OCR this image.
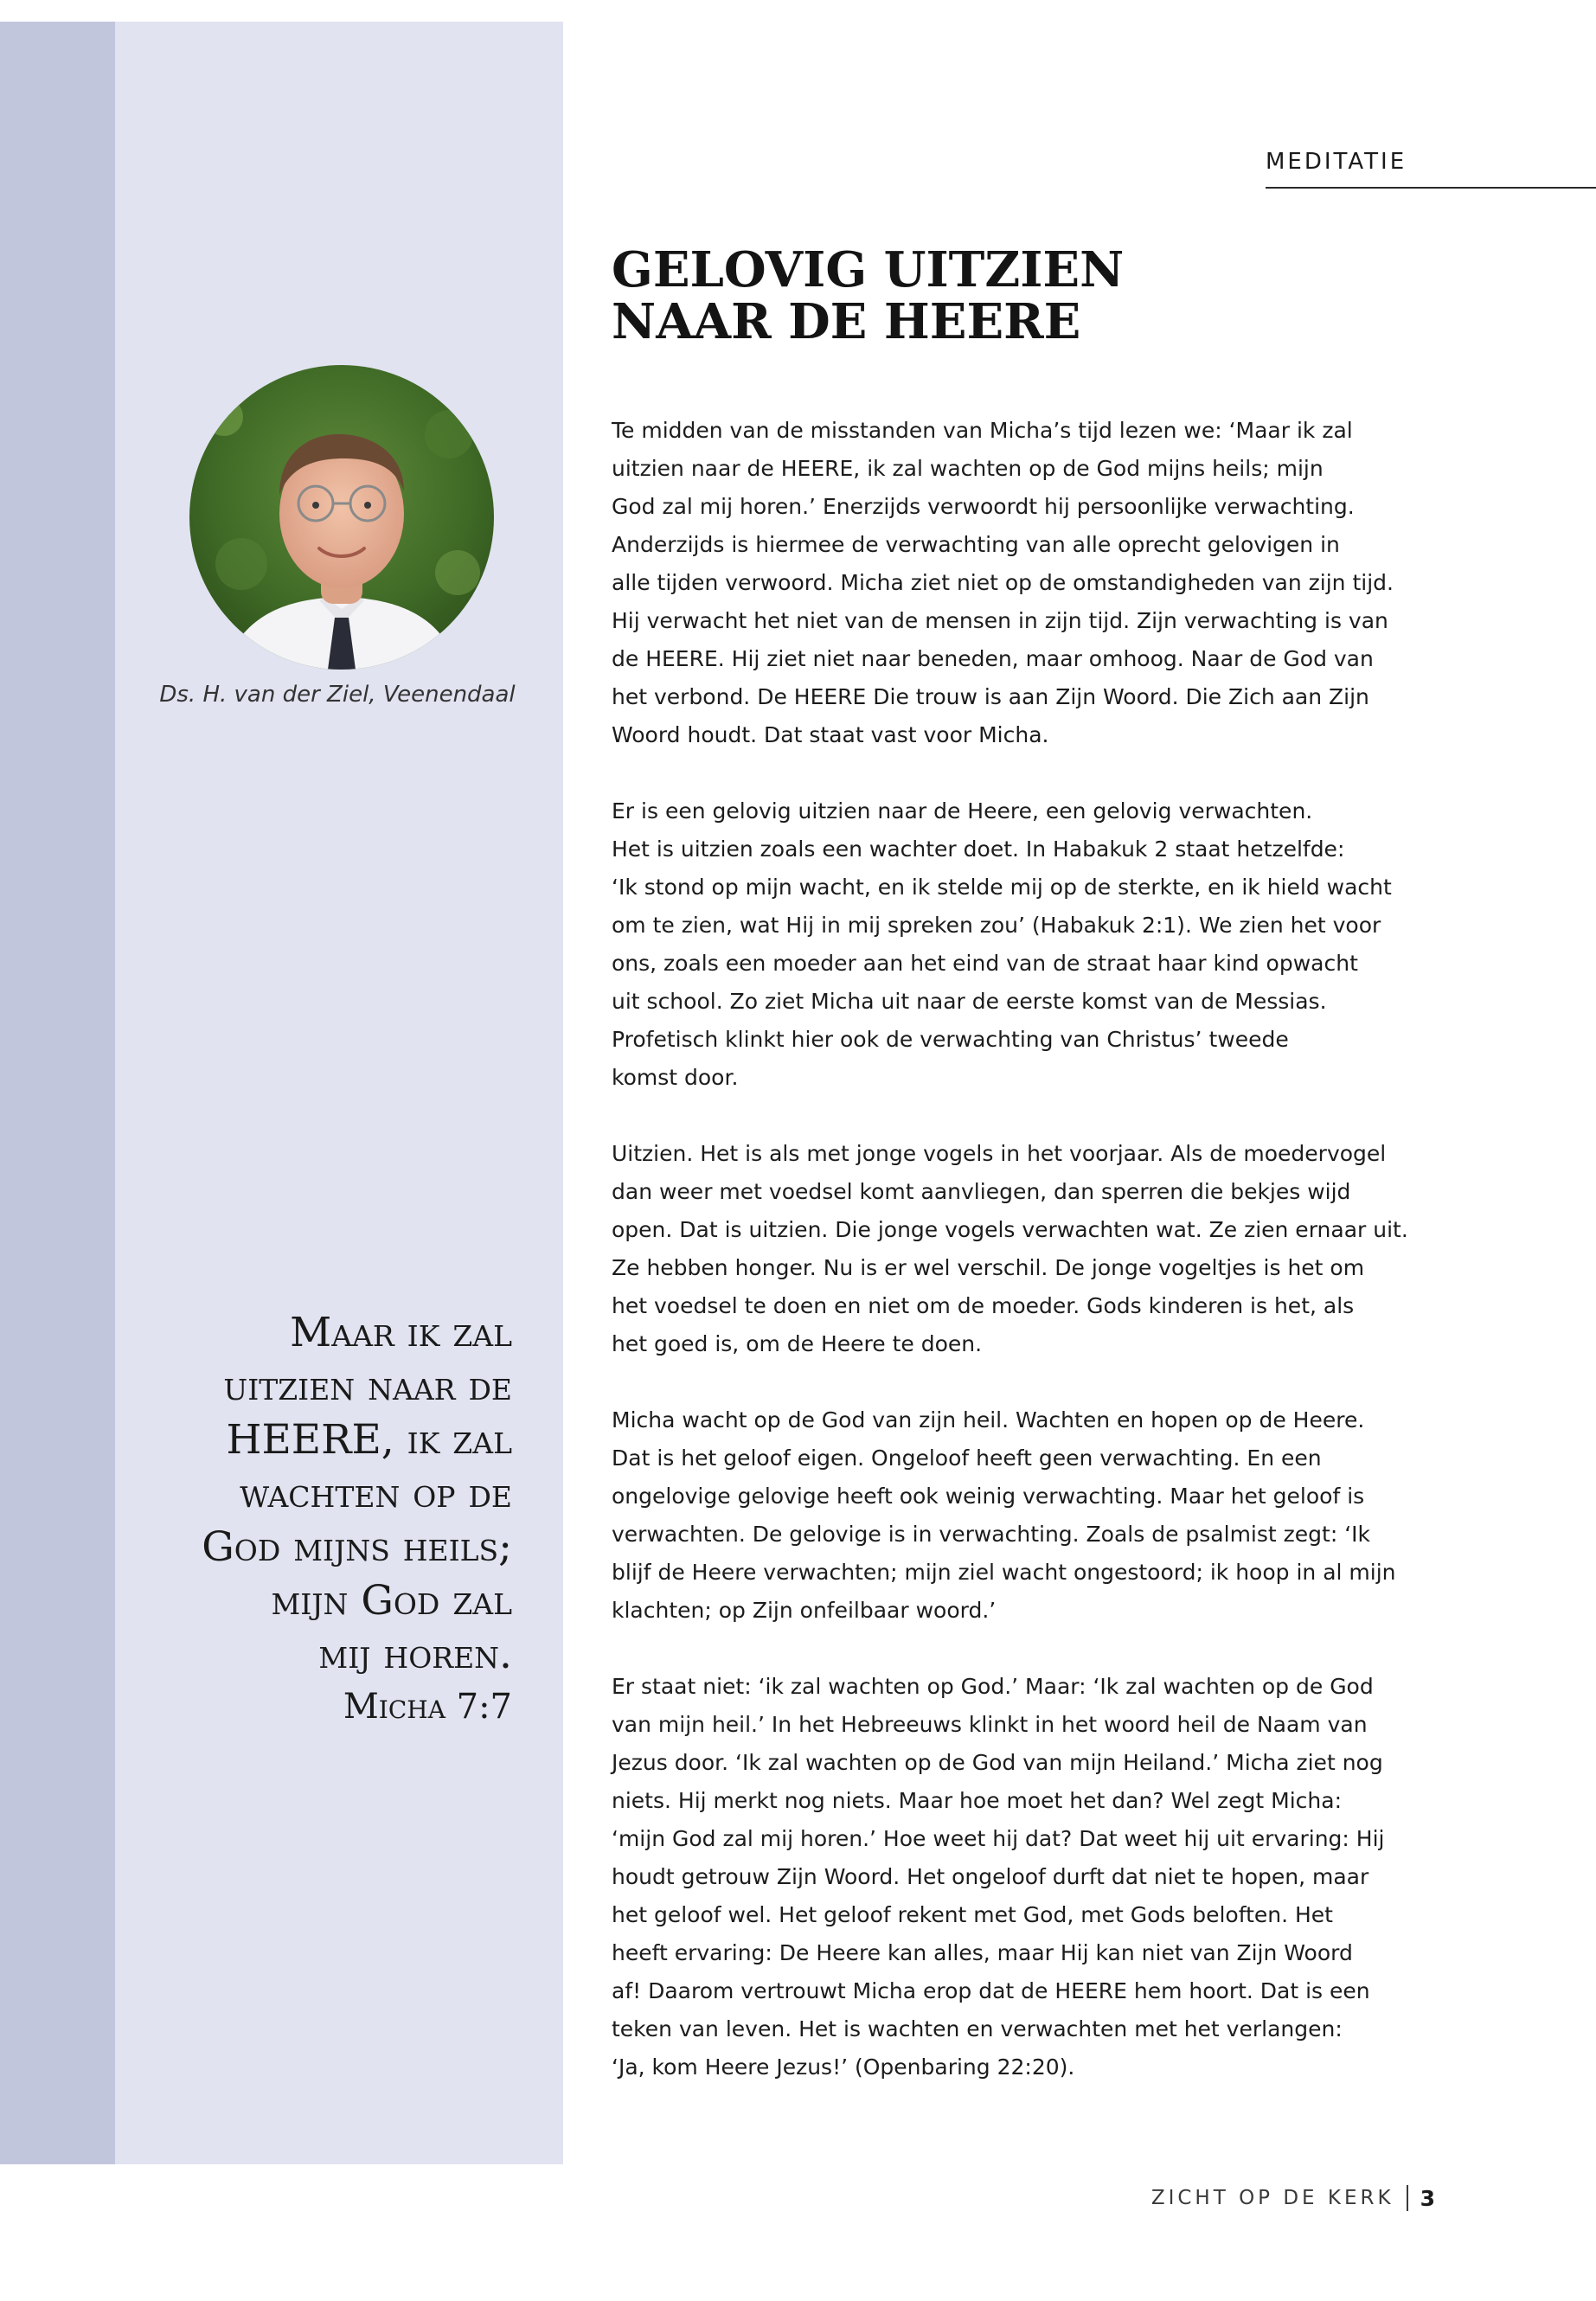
MEDITATIE
GELOVIG UITZIEN
NAAR DE HEERE
Ds. H. van der Ziel, Veenendaal

Te midden van de misstanden van Micha’s tijd lezen we: ‘Maar ik zal
uitzien naar de HEERE, ik zal wachten op de God mijns heils; mijn
God zal mij horen.’ Enerzijds verwoordt hij persoonlijke verwachting.
Anderzijds is hiermee de verwachting van alle oprecht gelovigen in
alle tijden verwoord. Micha ziet niet op de omstandigheden van zijn tijd.
Hij verwacht het niet van de mensen in zijn tijd. Zijn verwachting is van
de HEERE. Hij ziet niet naar beneden, maar omhoog. Naar de God van
het verbond. De HEERE Die trouw is aan Zijn Woord. Die Zich aan Zijn
Woord houdt. Dat staat vast voor Micha.

Er is een gelovig uitzien naar de Heere, een gelovig verwachten.
Het is uitzien zoals een wachter doet. In Habakuk 2 staat hetzelfde:
‘Ik stond op mijn wacht, en ik stelde mij op de sterkte, en ik hield wacht
om te zien, wat Hij in mij spreken zou’ (Habakuk 2:1). We zien het voor
ons, zoals een moeder aan het eind van de straat haar kind opwacht
uit school. Zo ziet Micha uit naar de eerste komst van de Messias.
Profetisch klinkt hier ook de verwachting van Christus’ tweede
komst door.

Uitzien. Het is als met jonge vogels in het voorjaar. Als de moedervogel
dan weer met voedsel komt aanvliegen, dan sperren die bekjes wijd
open. Dat is uitzien. Die jonge vogels verwachten wat. Ze zien ernaar uit.
Ze hebben honger. Nu is er wel verschil. De jonge vogeltjes is het om
het voedsel te doen en niet om de moeder. Gods kinderen is het, als
het goed is, om de Heere te doen.

Micha wacht op de God van zijn heil. Wachten en hopen op de Heere.
Dat is het geloof eigen. Ongeloof heeft geen verwachting. En een
ongelovige gelovige heeft ook weinig verwachting. Maar het geloof is
verwachten. De gelovige is in verwachting. Zoals de psalmist zegt: ‘Ik
blijf de Heere verwachten; mijn ziel wacht ongestoord; ik hoop in al mijn
klachten; op Zijn onfeilbaar woord.’

Er staat niet: ‘ik zal wachten op God.’ Maar: ‘Ik zal wachten op de God
van mijn heil.’ In het Hebreeuws klinkt in het woord heil de Naam van
Jezus door. ‘Ik zal wachten op de God van mijn Heiland.’ Micha ziet nog
niets. Hij merkt nog niets. Maar hoe moet het dan? Wel zegt Micha:
‘mijn God zal mij horen.’ Hoe weet hij dat? Dat weet hij uit ervaring: Hij
houdt getrouw Zijn Woord. Het ongeloof durft dat niet te hopen, maar
het geloof wel. Het geloof rekent met God, met Gods beloften. Het
heeft ervaring: De Heere kan alles, maar Hij kan niet van Zijn Woord
af! Daarom vertrouwt Micha erop dat de HEERE hem hoort. Dat is een
teken van leven. Het is wachten en verwachten met het verlangen:
‘Ja, kom Heere Jezus!’ (Openbaring 22:20).

Maar ik zal
uitzien naar de
HEERE, ik zal
wachten op de
God mijns heils;
mijn God zal
mij horen.
Micha 7:7
ZICHT OP DE KERK 3
